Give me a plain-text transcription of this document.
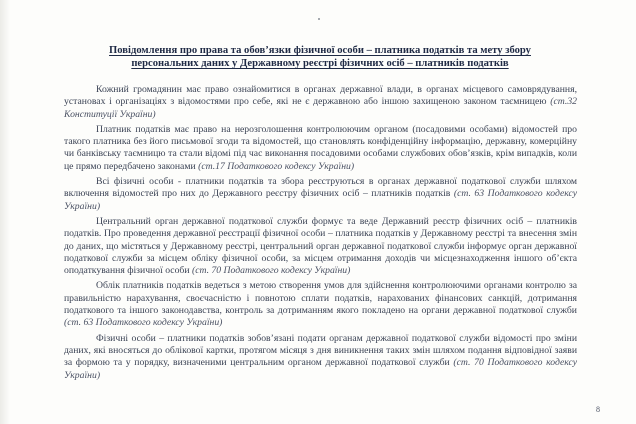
Повідомлення про права та обов’язки фізичної особи – платника податків та мету збору персональних даних у Державному реєстрі фізичних осіб – платників податків

Кожний громадянин має право ознайомитися в органах державної влади, в органах місцевого самоврядування, установах і організаціях з відомостями про себе, які не є державною або іншою захищеною законом таємницею (ст.32 Конституції України)

Платник податків має право на нерозголошення контролюючим органом (посадовими особами) відомостей про такого платника без його письмової згоди та відомостей, що становлять конфіденційну інформацію, державну, комерційну чи банківську таємницю та стали відомі під час виконання посадовими особами службових обов’язків, крім випадків, коли це прямо передбачено законами (ст.17 Податкового кодексу України)

Всі фізичні особи - платники податків та збора реєструються в органах державної податкової служби шляхом включення відомостей про них до Державного реєстру фізичних осіб – платників податків (ст. 63 Податкового кодексу України)

Центральний орган державної податкової служби формує та веде Державний реєстр фізичних осіб – платників податків. Про проведення державної реєстрації фізичної особи – платника податків у Державному реєстрі та внесення змін до даних, що містяться у Державному реєстрі, центральний орган державної податкової служби інформує орган державної податкової служби за місцем обліку фізичної особи, за місцем отримання доходів чи місцезнаходження іншого об’єкта оподаткування фізичної особи (ст. 70 Податкового кодексу України)

Облік платників податків ведеться з метою створення умов для здійснення контролюючими органами контролю за правильністю нарахування, своєчасністю і повнотою сплати податків, нарахованих фінансових санкцій, дотримання податкового та іншого законодавства, контроль за дотриманням якого покладено на органи державної податкової служби (ст. 63 Податкового кодексу України)

Фізичні особи – платники податків зобов’язані подати органам державної податкової служби відомості про зміни даних, які вносяться до облікової картки, протягом місяця з дня виникнення таких змін шляхом подання відповідної заяви за формою та у порядку, визначеними центральним органом державної податкової служби (ст. 70 Податкового кодексу України)

8
